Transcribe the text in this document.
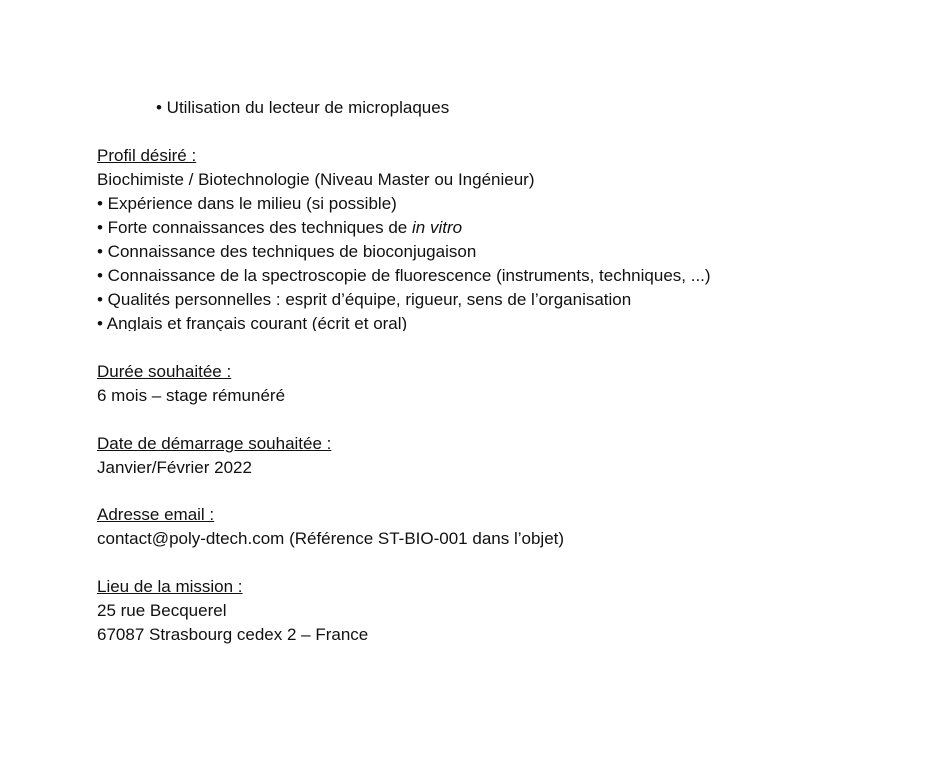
• Utilisation du lecteur de microplaques
Profil désiré :
Biochimiste / Biotechnologie (Niveau Master ou Ingénieur)
• Expérience dans le milieu (si possible)
• Forte connaissances des techniques de in vitro
• Connaissance des techniques de bioconjugaison
• Connaissance de la spectroscopie de fluorescence (instruments, techniques, ...)
• Qualités personnelles : esprit d’équipe, rigueur, sens de l’organisation
• Anglais et français courant (écrit et oral)
Durée souhaitée :
6 mois – stage rémunéré
Date de démarrage souhaitée :
Janvier/Février 2022
Adresse email :
contact@poly-dtech.com (Référence ST-BIO-001 dans l’objet)
Lieu de la mission :
25 rue Becquerel
67087 Strasbourg cedex 2 – France
